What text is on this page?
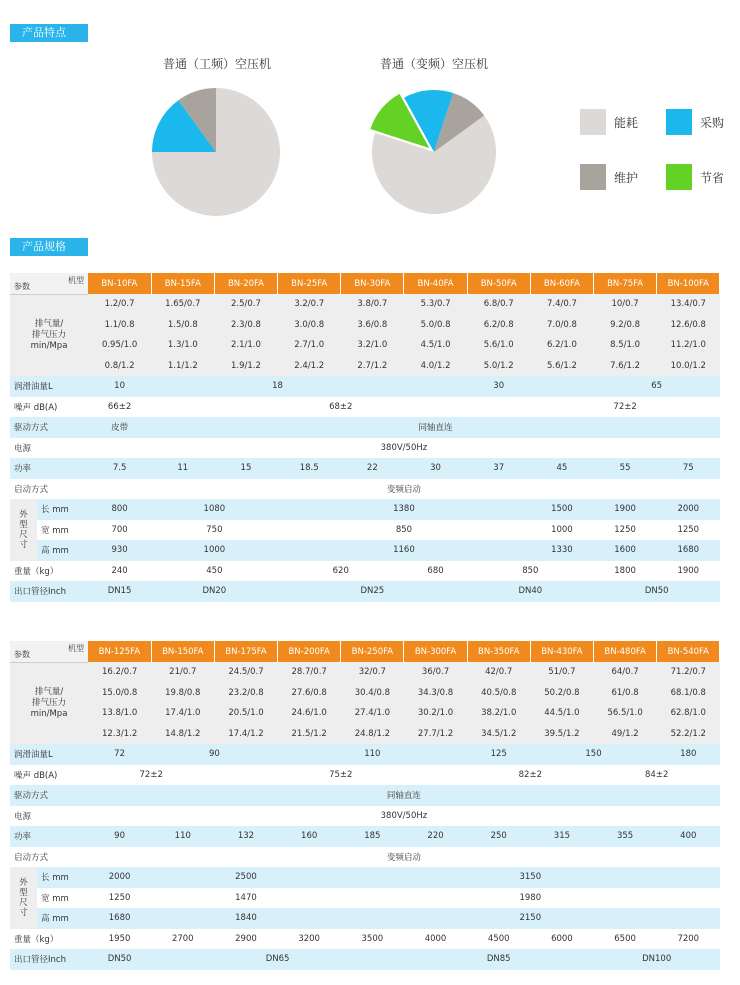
产品特点
普通（工频）空压机	普通（变频）空压机
能耗	采购
维护	节省
产品规格
机型
参数		BN-10FA	BN-15FA	BN-20FA	BN-25FA	BN-30FA	BN-40FA	BN-50FA	BN-60FA	BN-75FA	BN-100FA
排气量/
排气压力
min/Mpa		1.2/0.7	1.65/0.7	2.5/0.7	3.2/0.7	3.8/0.7	5.3/0.7	6.8/0.7	7.4/0.7	10/0.7	13.4/0.7
		1.1/0.8	1.5/0.8	2.3/0.8	3.0/0.8	3.6/0.8	5.0/0.8	6.2/0.8	7.0/0.8	9.2/0.8	12.6/0.8
		0.95/1.0	1.3/1.0	2.1/1.0	2.7/1.0	3.2/1.0	4.5/1.0	5.6/1.0	6.2/1.0	8.5/1.0	11.2/1.0
		0.8/1.2	1.1/1.2	1.9/1.2	2.4/1.2	2.7/1.2	4.0/1.2	5.0/1.2	5.6/1.2	7.6/1.2	10.0/1.2
润滑油量L		10	18				30			65	
噪声 dB(A)		66±2	68±2						72±2		
驱动方式		皮带	同轴直连								
电源		380V/50Hz									
功率		7.5	11	15	18.5	22	30	37	45	55	75
启动方式		变频启动									
外
型
尺
寸	长 mm	800	1080		1380				1500	1900	2000
	宽 mm	700	750		850				1000	1250	1250
	高 mm	930	1000		1160				1330	1600	1680
重量（kg）		240	450		620		680	850		1800	1900
出口管径Inch		DN15	DN20		DN25			DN40		DN50	
机型
参数		BN-125FA	BN-150FA	BN-175FA	BN-200FA	BN-250FA	BN-300FA	BN-350FA	BN-430FA	BN-480FA	BN-540FA
排气量/
排气压力
min/Mpa		16.2/0.7	21/0.7	24.5/0.7	28.7/0.7	32/0.7	36/0.7	42/0.7	51/0.7	64/0.7	71.2/0.7
		15.0/0.8	19.8/0.8	23.2/0.8	27.6/0.8	30.4/0.8	34.3/0.8	40.5/0.8	50.2/0.8	61/0.8	68.1/0.8
		13.8/1.0	17.4/1.0	20.5/1.0	24.6/1.0	27.4/1.0	30.2/1.0	38.2/1.0	44.5/1.0	56.5/1.0	62.8/1.0
		12.3/1.2	14.8/1.2	17.4/1.2	21.5/1.2	24.8/1.2	27.7/1.2	34.5/1.2	39.5/1.2	49/1.2	52.2/1.2
润滑油量L		72	90		110			125	150		180
噪声 dB(A)		72±2		75±2				82±2		84±2	
驱动方式		同轴直连									
电源		380V/50Hz									
功率		90	110	132	160	185	220	250	315	355	400
启动方式		变频启动									
外
型
尺
寸	长 mm	2000	2500			3150					
	宽 mm	1250	1470			1980					
	高 mm	1680	1840			2150					
重量（kg）		1950	2700	2900	3200	3500	4000	4500	6000	6500	7200
出口管径Inch		DN50	DN65				DN85			DN100	
